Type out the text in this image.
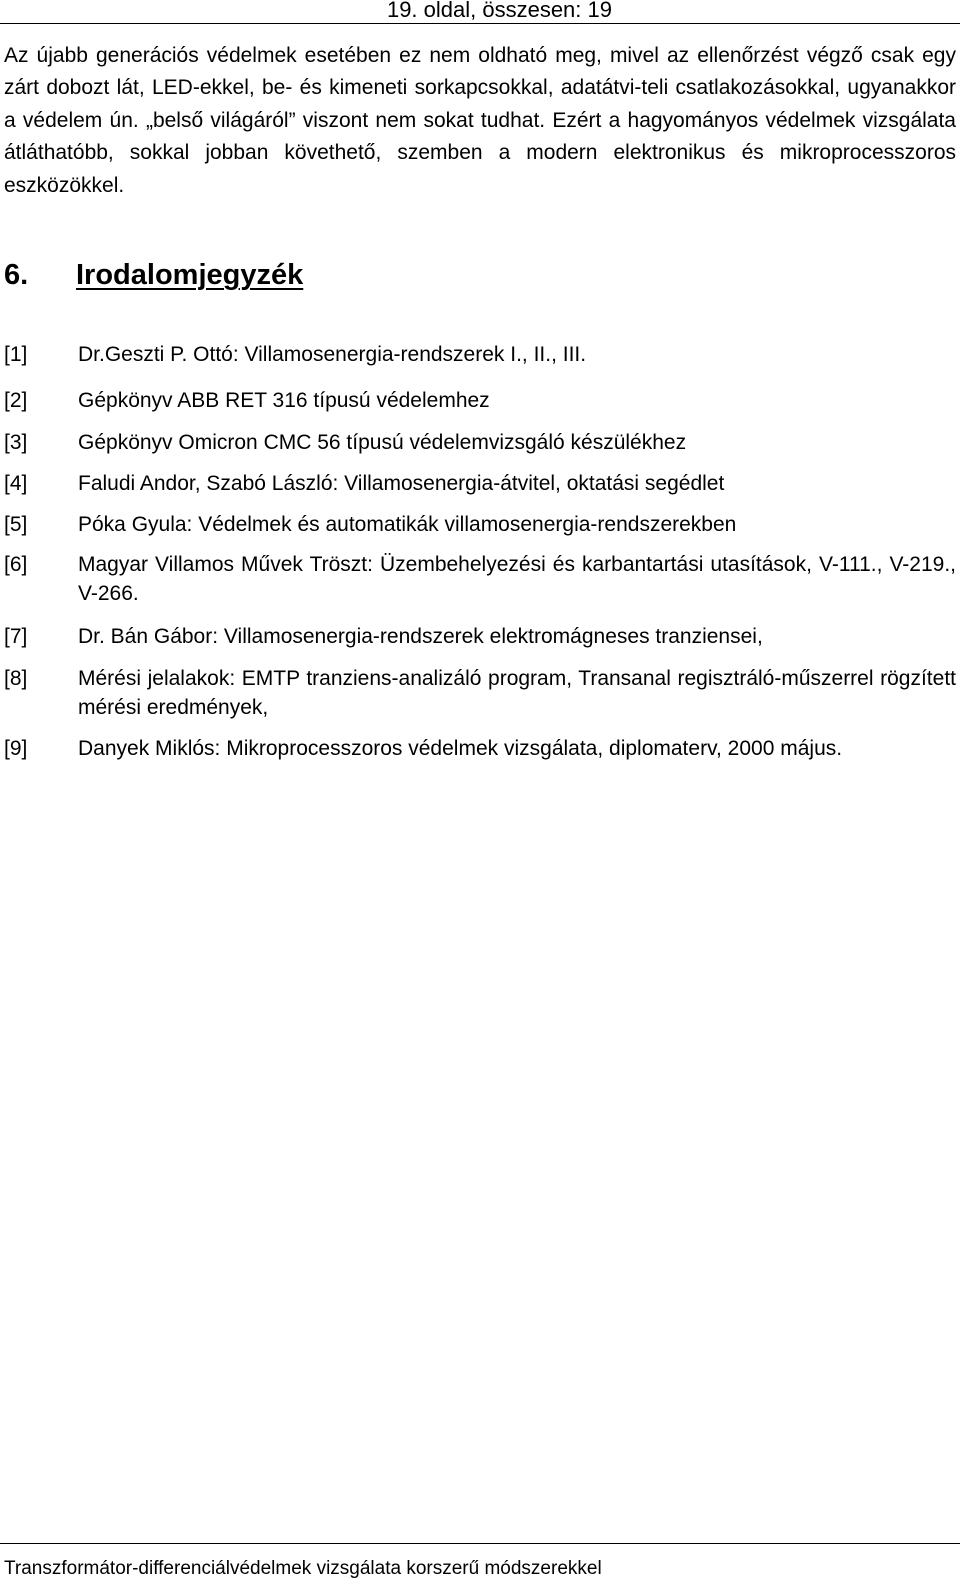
19. oldal, összesen: 19

Az újabb generációs védelmek esetében ez nem oldható meg, mivel az ellenőrzést végző csak egy zárt dobozt lát, LED-ekkel, be- és kimeneti sorkapcsokkal, adatátvi-teli csatlakozásokkal, ugyanakkor a védelem ún. „belső világáról” viszont nem sokat tudhat. Ezért a hagyományos védelmek vizsgálata átláthatóbb, sokkal jobban követhető, szemben a modern elektronikus és mikroprocesszoros eszközökkel.

6. Irodalomjegyzék
[1]	Dr.Geszti P. Ottó: Villamosenergia-rendszerek I., II., III.
[2]	Gépkönyv ABB RET 316 típusú védelemhez
[3]	Gépkönyv Omicron CMC 56 típusú védelemvizsgáló készülékhez
[4]	Faludi Andor, Szabó László: Villamosenergia-átvitel, oktatási segédlet
[5]	Póka Gyula: Védelmek és automatikák villamosenergia-rendszerekben
[6]	Magyar Villamos Művek Tröszt: Üzembehelyezési és karbantartási utasítások, V-111., V-219., V-266.
[7]	Dr. Bán Gábor: Villamosenergia-rendszerek elektromágneses tranziensei,
[8]	Mérési jelalakok: EMTP tranziens-analizáló program, Transanal regisztráló-műszerrel rögzített mérési eredmények,
[9]	Danyek Miklós: Mikroprocesszoros védelmek vizsgálata, diplomaterv, 2000 május.
Transzformátor-differenciálvédelmek vizsgálata korszerű módszerekkel
